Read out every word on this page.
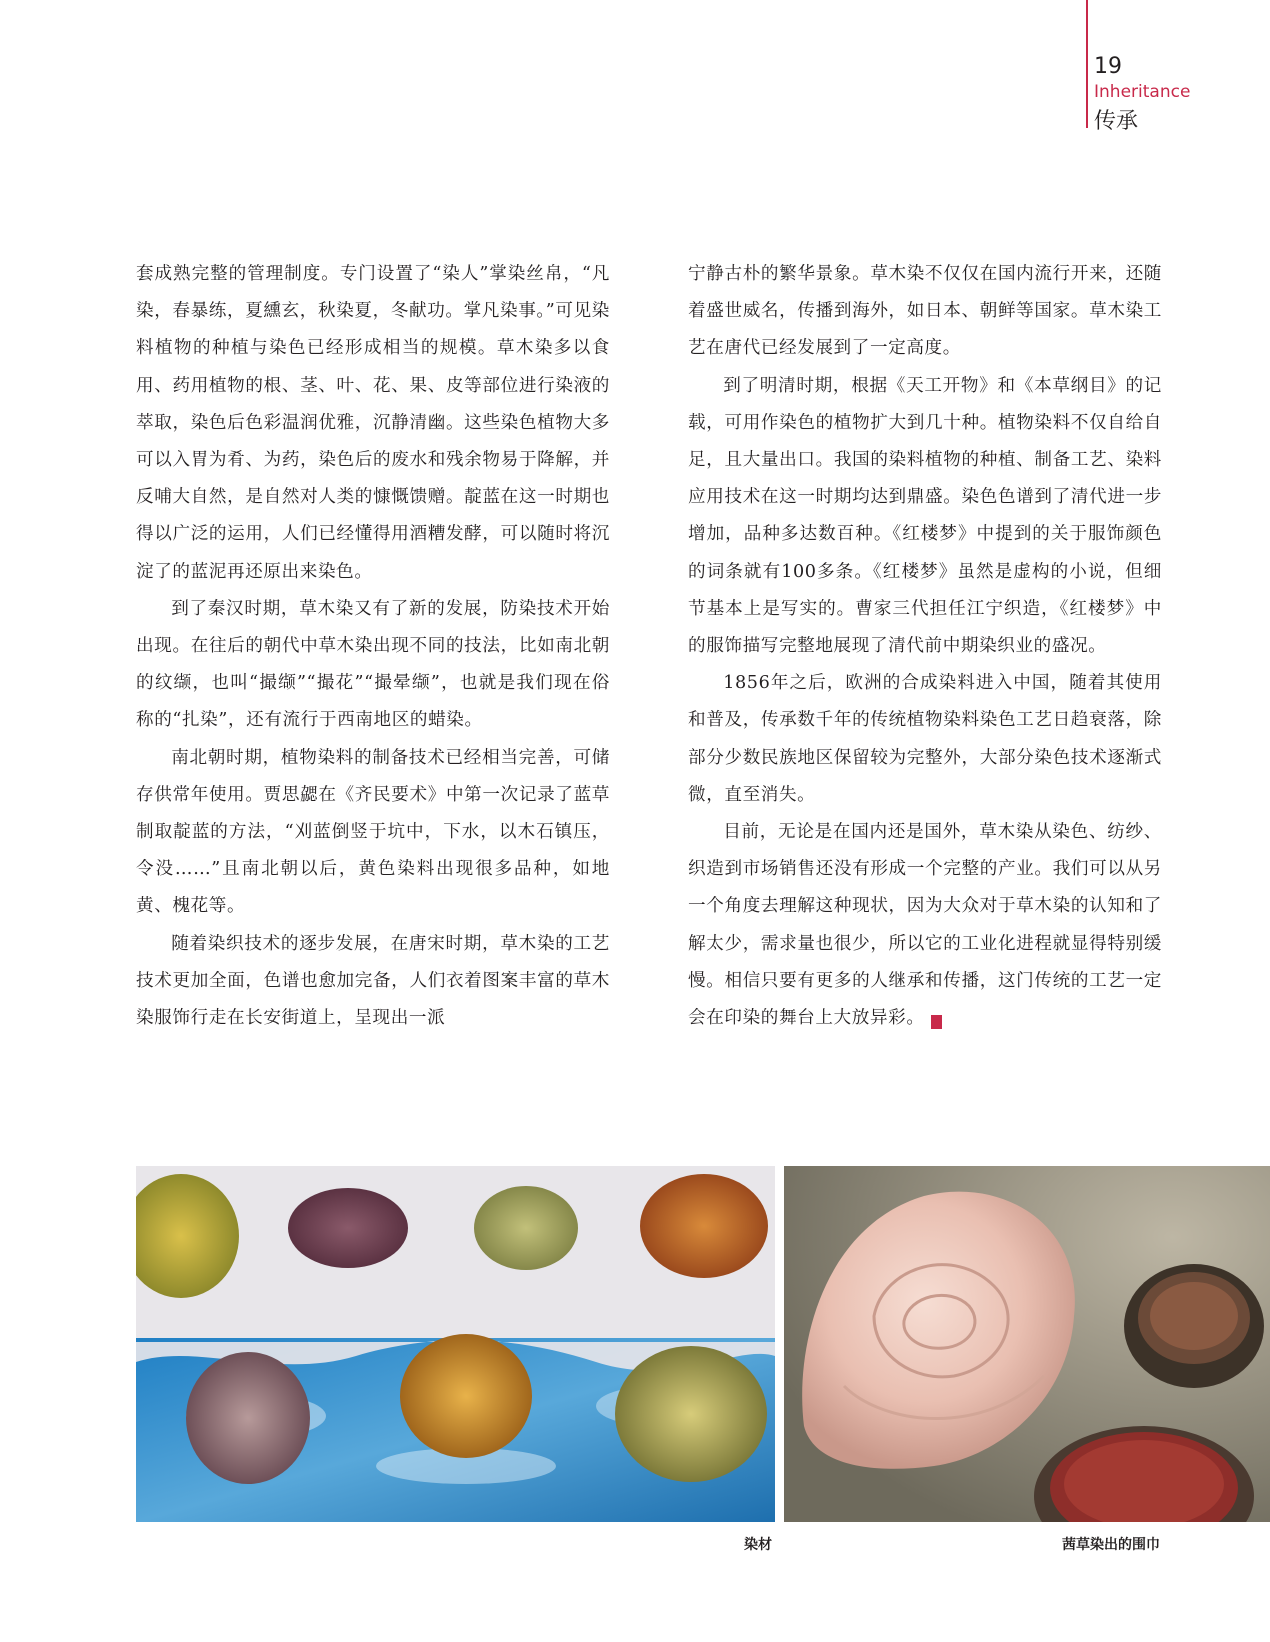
19
Inheritance
传承

套成熟完整的管理制度。专门设置了“染人”掌染丝帛，“凡染，春暴练，夏纁玄，秋染夏，冬献功。掌凡染事。”可见染料植物的种植与染色已经形成相当的规模。草木染多以食用、药用植物的根、茎、叶、花、果、皮等部位进行染液的萃取，染色后色彩温润优雅，沉静清幽。这些染色植物大多可以入胃为肴、为药，染色后的废水和残余物易于降解，并反哺大自然，是自然对人类的慷慨馈赠。靛蓝在这一时期也得以广泛的运用，人们已经懂得用酒糟发酵，可以随时将沉淀了的蓝泥再还原出来染色。

到了秦汉时期，草木染又有了新的发展，防染技术开始出现。在往后的朝代中草木染出现不同的技法，比如南北朝的纹缬，也叫“撮缬”“撮花”“撮晕缬”，也就是我们现在俗称的“扎染”，还有流行于西南地区的蜡染。

南北朝时期，植物染料的制备技术已经相当完善，可储存供常年使用。贾思勰在《齐民要术》中第一次记录了蓝草制取靛蓝的方法，“刈蓝倒竖于坑中，下水，以木石镇压，令没……”且南北朝以后，黄色染料出现很多品种，如地黄、槐花等。

随着染织技术的逐步发展，在唐宋时期，草木染的工艺技术更加全面，色谱也愈加完备，人们衣着图案丰富的草木染服饰行走在长安街道上，呈现出一派

宁静古朴的繁华景象。草木染不仅仅在国内流行开来，还随着盛世威名，传播到海外，如日本、朝鲜等国家。草木染工艺在唐代已经发展到了一定高度。

到了明清时期，根据《天工开物》和《本草纲目》的记载，可用作染色的植物扩大到几十种。植物染料不仅自给自足，且大量出口。我国的染料植物的种植、制备工艺、染料应用技术在这一时期均达到鼎盛。染色色谱到了清代进一步增加，品种多达数百种。《红楼梦》中提到的关于服饰颜色的词条就有100多条。《红楼梦》虽然是虚构的小说，但细节基本上是写实的。曹家三代担任江宁织造，《红楼梦》中的服饰描写完整地展现了清代前中期染织业的盛况。

1856年之后，欧洲的合成染料进入中国，随着其使用和普及，传承数千年的传统植物染料染色工艺日趋衰落，除部分少数民族地区保留较为完整外，大部分染色技术逐渐式微，直至消失。

目前，无论是在国内还是国外，草木染从染色、纺纱、织造到市场销售还没有形成一个完整的产业。我们可以从另一个角度去理解这种现状，因为大众对于草木染的认知和了解太少，需求量也很少，所以它的工业化进程就显得特别缓慢。相信只要有更多的人继承和传播，这门传统的工艺一定会在印染的舞台上大放异彩。	S

染材	茜草染出的围巾
